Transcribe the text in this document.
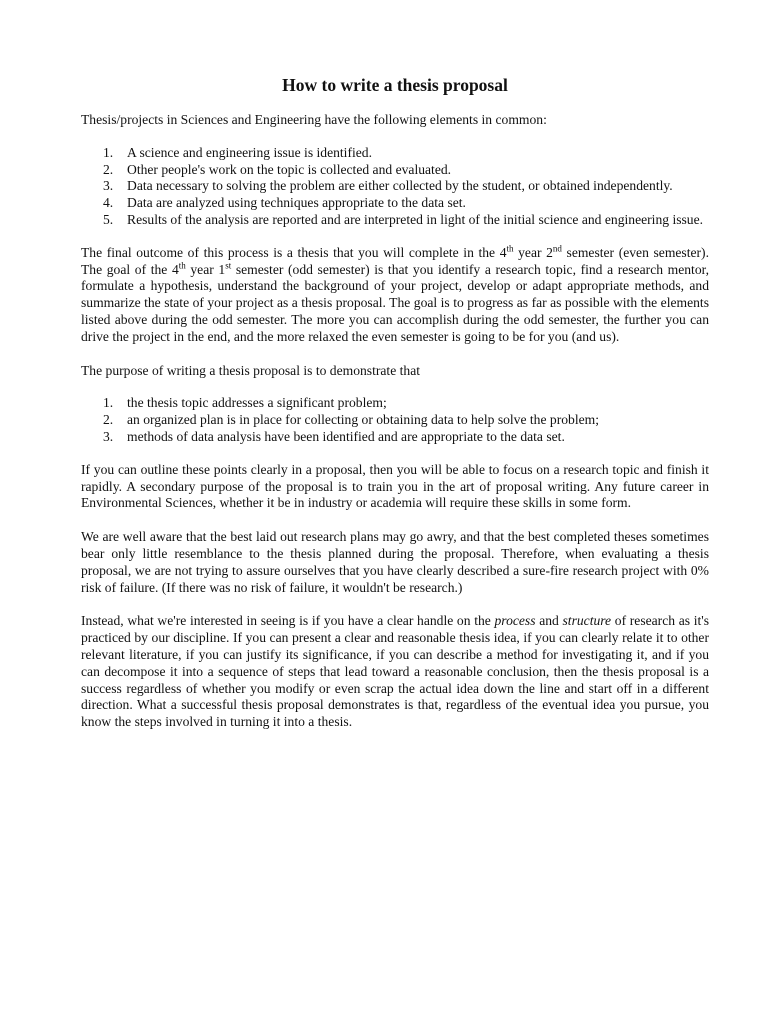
How to write a thesis proposal

Thesis/projects in Sciences and Engineering have the following elements in common:

1. A science and engineering issue is identified.
2. Other people's work on the topic is collected and evaluated.
3. Data necessary to solving the problem are either collected by the student, or obtained independently.
4. Data are analyzed using techniques appropriate to the data set.
5. Results of the analysis are reported and are interpreted in light of the initial science and engineering issue.

The final outcome of this process is a thesis that you will complete in the 4th year 2nd semester (even semester). The goal of the 4th year 1st semester (odd semester) is that you identify a research topic, find a research mentor, formulate a hypothesis, understand the background of your project, develop or adapt appropriate methods, and summarize the state of your project as a thesis proposal. The goal is to progress as far as possible with the elements listed above during the odd semester. The more you can accomplish during the odd semester, the further you can drive the project in the end, and the more relaxed the even semester is going to be for you (and us).

The purpose of writing a thesis proposal is to demonstrate that

1. the thesis topic addresses a significant problem;
2. an organized plan is in place for collecting or obtaining data to help solve the problem;
3. methods of data analysis have been identified and are appropriate to the data set.

If you can outline these points clearly in a proposal, then you will be able to focus on a research topic and finish it rapidly. A secondary purpose of the proposal is to train you in the art of proposal writing. Any future career in Environmental Sciences, whether it be in industry or academia will require these skills in some form.

We are well aware that the best laid out research plans may go awry, and that the best completed theses sometimes bear only little resemblance to the thesis planned during the proposal. Therefore, when evaluating a thesis proposal, we are not trying to assure ourselves that you have clearly described a sure-fire research project with 0% risk of failure. (If there was no risk of failure, it wouldn't be research.)

Instead, what we're interested in seeing is if you have a clear handle on the process and structure of research as it's practiced by our discipline. If you can present a clear and reasonable thesis idea, if you can clearly relate it to other relevant literature, if you can justify its significance, if you can describe a method for investigating it, and if you can decompose it into a sequence of steps that lead toward a reasonable conclusion, then the thesis proposal is a success regardless of whether you modify or even scrap the actual idea down the line and start off in a different direction. What a successful thesis proposal demonstrates is that, regardless of the eventual idea you pursue, you know the steps involved in turning it into a thesis.
